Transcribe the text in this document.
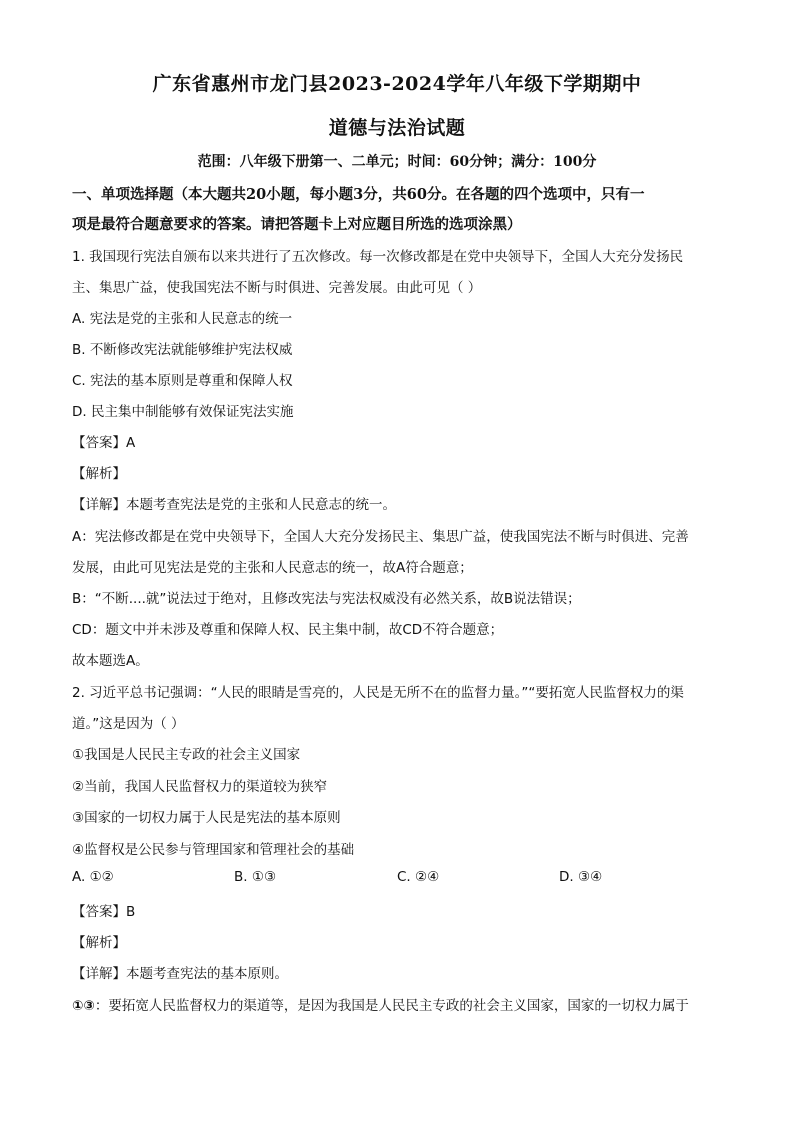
广东省惠州市龙门县2023-2024学年八年级下学期期中
道德与法治试题
范围：八年级下册第一、二单元；时间：60分钟；满分：100分
一、单项选择题（本大题共20小题，每小题3分，共60分。在各题的四个选项中，只有一
项是最符合题意要求的答案。请把答题卡上对应题目所选的选项涂黑）
1. 我国现行宪法自颁布以来共进行了五次修改。每一次修改都是在党中央领导下，全国人大充分发扬民
主、集思广益，使我国宪法不断与时俱进、完善发展。由此可见（ ）
A. 宪法是党的主张和人民意志的统一
B. 不断修改宪法就能够维护宪法权威
C. 宪法的基本原则是尊重和保障人权
D. 民主集中制能够有效保证宪法实施
【答案】A
【解析】
【详解】本题考查宪法是党的主张和人民意志的统一。
A：宪法修改都是在党中央领导下，全国人大充分发扬民主、集思广益，使我国宪法不断与时俱进、完善
发展，由此可见宪法是党的主张和人民意志的统一，故A符合题意；
B：“不断....就”说法过于绝对，且修改宪法与宪法权威没有必然关系，故B说法错误；
CD：题文中并未涉及尊重和保障人权、民主集中制，故CD不符合题意；
故本题选A。
2. 习近平总书记强调：“人民的眼睛是雪亮的，人民是无所不在的监督力量。”“要拓宽人民监督权力的渠
道。”这是因为（ ）
①我国是人民民主专政的社会主义国家
②当前，我国人民监督权力的渠道较为狭窄
③国家的一切权力属于人民是宪法的基本原则
④监督权是公民参与管理国家和管理社会的基础
A. ①②	B. ①③	C. ②④	D. ③④
【答案】B
【解析】
【详解】本题考查宪法的基本原则。
①③：要拓宽人民监督权力的渠道等，是因为我国是人民民主专政的社会主义国家，国家的一切权力属于
